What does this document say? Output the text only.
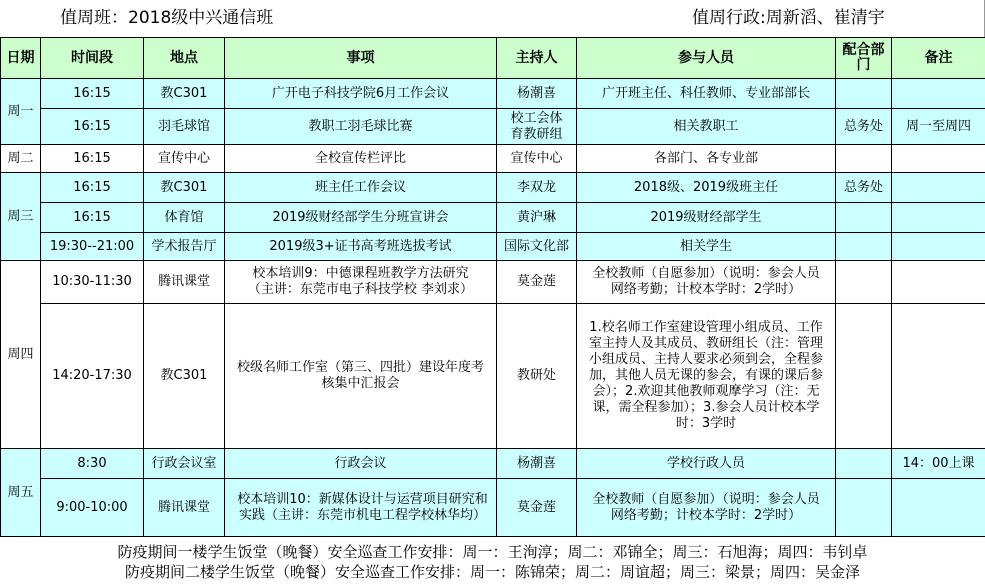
值周班：2018级中兴通信班	值周行政:周新滔、崔清宇
日期	时间段	地点	事项	主持人	参与人员	配合部门	备注
周一	16:15	教C301	广开电子科技学院6月工作会议	杨潮喜	广开班主任、科任教师、专业部部长		
	16:15	羽毛球馆	教职工羽毛球比赛	校工会体育教研组	相关教职工	总务处	周一至周四
周二	16:15	宣传中心	全校宣传栏评比	宣传中心	各部门、各专业部		
周三	16:15	教C301	班主任工作会议	李双龙	2018级、2019级班主任	总务处	
	16:15	体育馆	2019级财经部学生分班宣讲会	黄沪琳	2019级财经部学生		
	19:30--21:00	学术报告厅	2019级3+证书高考班选拔考试	国际文化部	相关学生		
周四	10:30-11:30	腾讯课堂	校本培训9：中德课程班教学方法研究（主讲：东莞市电子科技学校 李刘求）	莫金莲	全校教师（自愿参加）（说明：参会人员网络考勤；计校本学时：2学时）		
	14:20-17:30	教C301	校级名师工作室（第三、四批）建设年度考核集中汇报会	教研处	1.校名师工作室建设管理小组成员、工作室主持人及其成员、教研组长（注：管理小组成员、主持人要求必须到会，全程参加，其他人员无课的参会，有课的课后参会）；2.欢迎其他教师观摩学习（注：无课，需全程参加）；3.参会人员计校本学时：3学时		
周五	8:30	行政会议室	行政会议	杨潮喜	学校行政人员		14：00上课
	9:00-10:00	腾讯课堂	校本培训10：新媒体设计与运营项目研究和实践（主讲：东莞市机电工程学校林华均）	莫金莲	全校教师（自愿参加）（说明：参会人员网络考勤；计校本学时：2学时）		
防疫期间一楼学生饭堂（晚餐）安全巡查工作安排：周一：王洵淳；周二：邓锦全；周三：石旭海；周四：韦钊卓
防疫期间二楼学生饭堂（晚餐）安全巡查工作安排：周一：陈锦荣；周二：周谊超；周三：梁景；周四：吴金泽
